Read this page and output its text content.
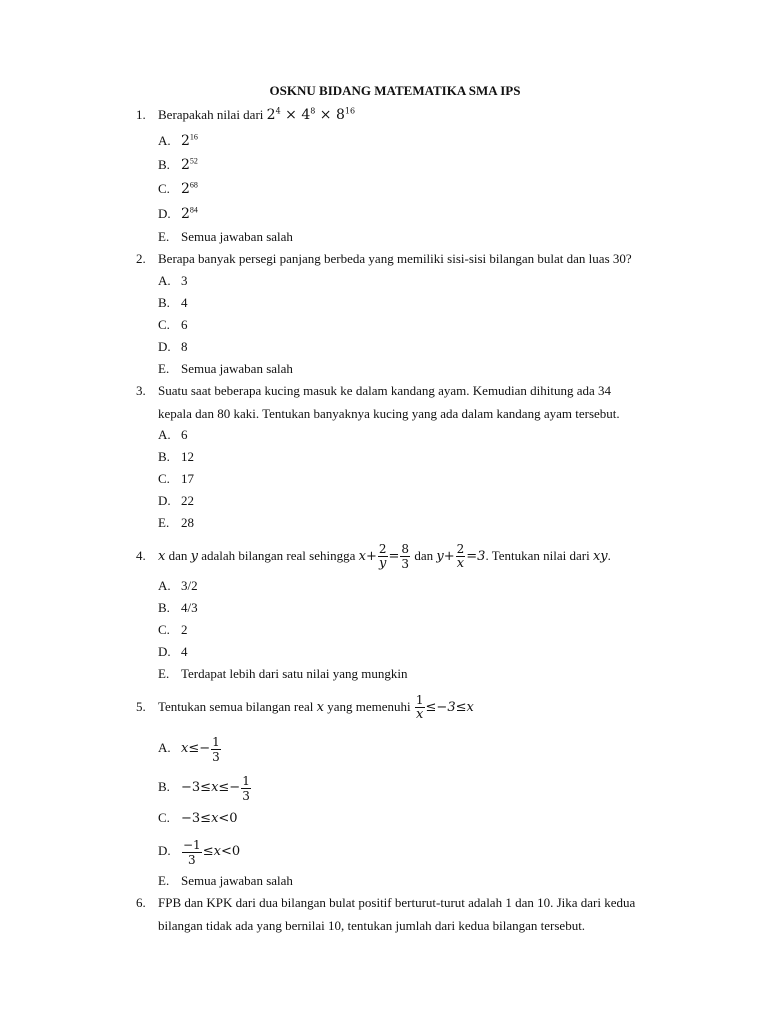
OSKNU BIDANG MATEMATIKA SMA IPS
1. Berapakah nilai dari $2^4 \times 4^8 \times 8^{16}$
A. $2^{16}$
B. $2^{52}$
C. $2^{68}$
D. $2^{84}$
E. Semua jawaban salah
2. Berapa banyak persegi panjang berbeda yang memiliki sisi-sisi bilangan bulat dan luas 30?
A. 3
B. 4
C. 6
D. 8
E. Semua jawaban salah
3. Suatu saat beberapa kucing masuk ke dalam kandang ayam. Kemudian dihitung ada 34
kepala dan 80 kaki. Tentukan banyaknya kucing yang ada dalam kandang ayam tersebut.
A. 6
B. 12
C. 17
D. 22
E. 28
4. x dan y adalah bilangan real sehingga $x+ \frac{2}{y} = \frac{8}{3}$ dan $y+ \frac{2}{x} =3$. Tentukan nilai dari xy.
A. 3/2
B. 4/3
C. 2
D. 4
E. Terdapat lebih dari satu nilai yang mungkin
5. Tentukan semua bilangan real x yang memenuhi $\frac{1}{x} \le-3\le x$
A. $x\le- \frac{1}{3}$
B. $-3\le x\le- \frac{1}{3}$
C. −3≤x<0
D. $\frac{-1}{3} \le x<0$
E. Semua jawaban salah
6. FPB dan KPK dari dua bilangan bulat positif berturut-turut adalah 1 dan 10. Jika dari kedua
bilangan tidak ada yang bernilai 10, tentukan jumlah dari kedua bilangan tersebut.
